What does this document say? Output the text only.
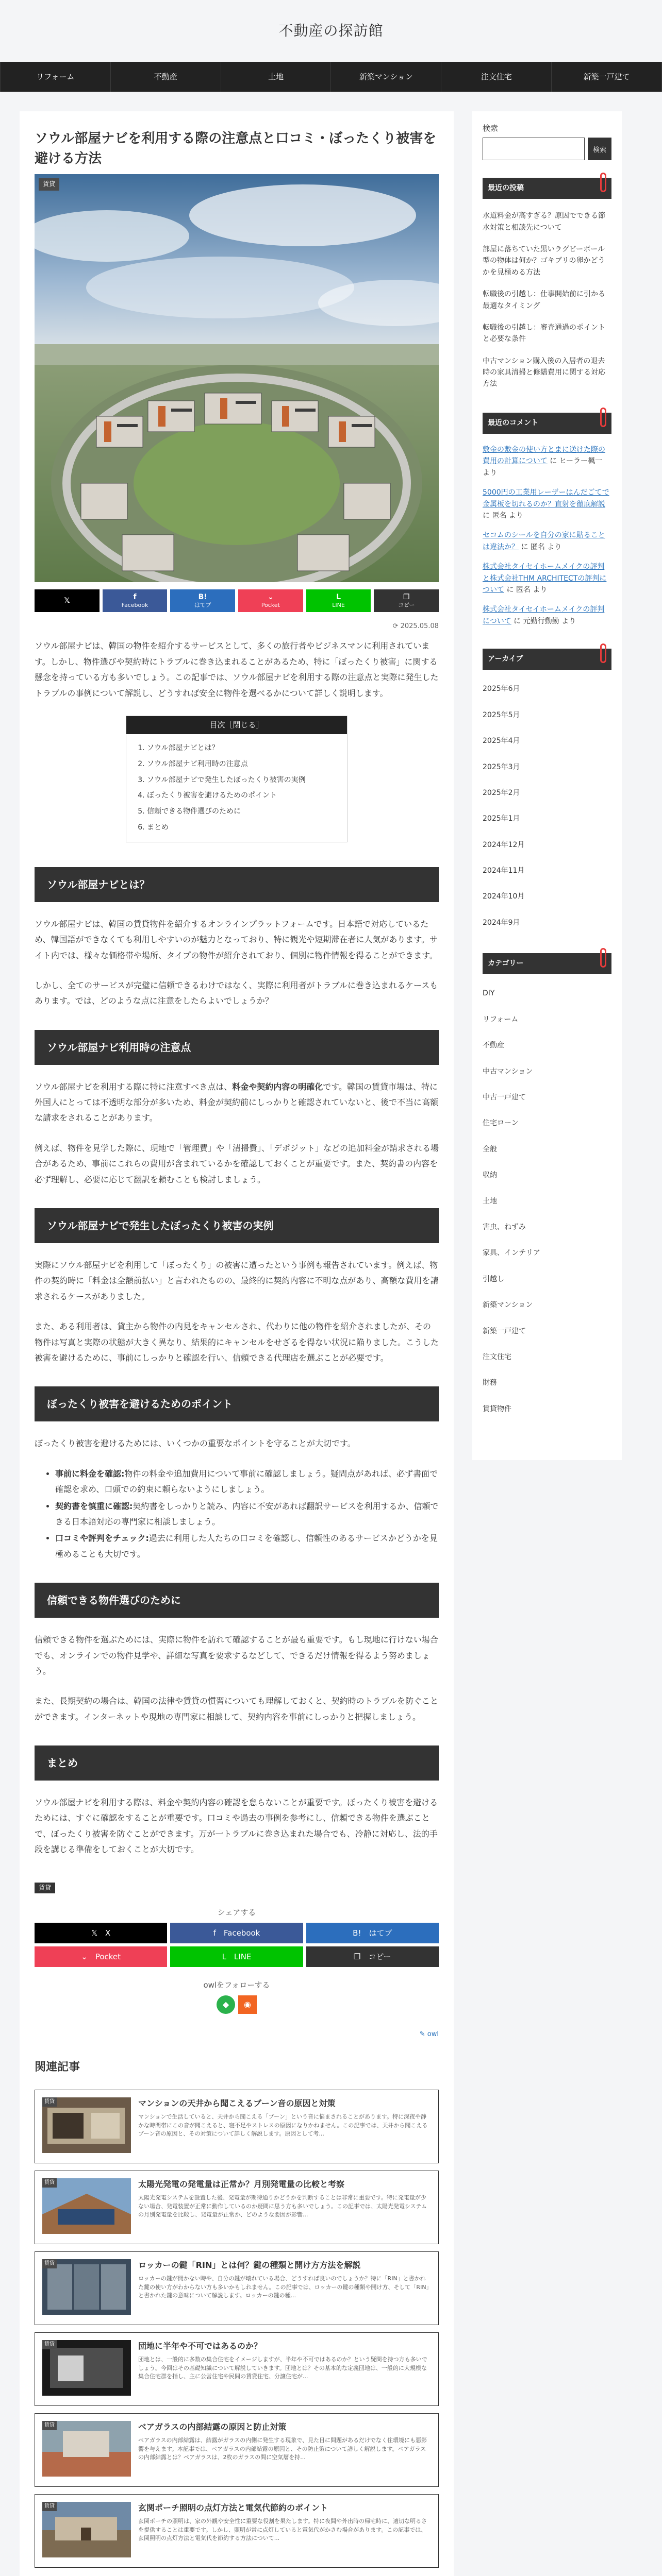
不動産の探訪館
リフォーム	不動産	土地	新築マンション	注文住宅	新築一戸建て
ソウル部屋ナビを利用する際の注意点と口コミ・ぼったくり被害を避ける方法
賃貸
𝕏	f
Facebook
B!
はてブ
⌄
Pocket
L
LINE
❐
コピー
⟳ 2025.05.08

ソウル部屋ナビは、韓国の物件を紹介するサービスとして、多くの旅行者やビジネスマンに利用されています。しかし、物件選びや契約時にトラブルに巻き込まれることがあるため、特に「ぼったくり被害」に関する懸念を持っている方も多いでしょう。この記事では、ソウル部屋ナビを利用する際の注意点と実際に発生したトラブルの事例について解説し、どうすれば安全に物件を選べるかについて詳しく説明します。

目次［閉じる］
1. ソウル部屋ナビとは？
2. ソウル部屋ナビ利用時の注意点
3. ソウル部屋ナビで発生したぼったくり被害の実例
4. ぼったくり被害を避けるためのポイント
5. 信頼できる物件選びのために
6. まとめ
ソウル部屋ナビとは？

ソウル部屋ナビは、韓国の賃貸物件を紹介するオンラインプラットフォームです。日本語で対応しているため、韓国語ができなくても利用しやすいのが魅力となっており、特に観光や短期滞在者に人気があります。サイト内では、様々な価格帯や場所、タイプの物件が紹介されており、個別に物件情報を得ることができます。

しかし、全てのサービスが完璧に信頼できるわけではなく、実際に利用者がトラブルに巻き込まれるケースもあります。では、どのような点に注意をしたらよいでしょうか？

ソウル部屋ナビ利用時の注意点

ソウル部屋ナビを利用する際に特に注意すべき点は、料金や契約内容の明確化です。韓国の賃貸市場は、特に外国人にとっては不透明な部分が多いため、料金が契約前にしっかりと確認されていないと、後で不当に高額な請求をされることがあります。

例えば、物件を見学した際に、現地で「管理費」や「清掃費」、「デポジット」などの追加料金が請求される場合があるため、事前にこれらの費用が含まれているかを確認しておくことが重要です。また、契約書の内容を必ず理解し、必要に応じて翻訳を頼むことも検討しましょう。

ソウル部屋ナビで発生したぼったくり被害の実例

実際にソウル部屋ナビを利用して「ぼったくり」の被害に遭ったという事例も報告されています。例えば、物件の契約時に「料金は全額前払い」と言われたものの、最終的に契約内容に不明な点があり、高額な費用を請求されるケースがありました。

また、ある利用者は、貸主から物件の内見をキャンセルされ、代わりに他の物件を紹介されましたが、その物件は写真と実際の状態が大きく異なり、結果的にキャンセルをせざるを得ない状況に陥りました。こうした被害を避けるために、事前にしっかりと確認を行い、信頼できる代理店を選ぶことが必要です。

ぼったくり被害を避けるためのポイント

ぼったくり被害を避けるためには、いくつかの重要なポイントを守ることが大切です。

• 事前に料金を確認:物件の料金や追加費用について事前に確認しましょう。疑問点があれば、必ず書面で確認を求め、口頭での約束に頼らないようにしましょう。
• 契約書を慎重に確認:契約書をしっかりと読み、内容に不安があれば翻訳サービスを利用するか、信頼できる日本語対応の専門家に相談しましょう。
• 口コミや評判をチェック:過去に利用した人たちの口コミを確認し、信頼性のあるサービスかどうかを見極めることも大切です。
信頼できる物件選びのために

信頼できる物件を選ぶためには、実際に物件を訪れて確認することが最も重要です。もし現地に行けない場合でも、オンラインでの物件見学や、詳細な写真を要求するなどして、できるだけ情報を得るよう努めましょう。

また、長期契約の場合は、韓国の法律や賃貸の慣習についても理解しておくと、契約時のトラブルを防ぐことができます。インターネットや現地の専門家に相談して、契約内容を事前にしっかりと把握しましょう。

まとめ

ソウル部屋ナビを利用する際は、料金や契約内容の確認を怠らないことが重要です。ぼったくり被害を避けるためには、すぐに確認をすることが重要です。口コミや過去の事例を参考にし、信頼できる物件を選ぶことで、ぼったくり被害を防ぐことができます。万が一トラブルに巻き込まれた場合でも、冷静に対応し、法的手段を講じる準備をしておくことが大切です。

賃貸
シェアする
𝕏　X	f　Facebook	B!　はてブ
⌄　Pocket	L　LINE	❐　コピー
owlをフォローする
◆	◉
✎ owl
関連記事
賃貸	マンションの天井から聞こえるブーン音の原因と対策
マンションで生活していると、天井から聞こえる「ブーン」という音に悩まされることがあります。特に深夜や静かな時間帯にこの音が聞こえると、寝不足やストレスの原因になりかねません。この記事では、天井から聞こえるブーン音の原因と、その対策について詳しく解説します。原因として考...
賃貸	太陽光発電の発電量は正常か？月別発電量の比較と考察
太陽光発電システムを設置した後、発電量が期待通りかどうかを判断することは非常に重要です。特に発電量が少ない場合、発電装置が正常に動作しているのか疑問に思う方も多いでしょう。この記事では、太陽光発電システムの月別発電量を比較し、発電量が正常か、どのような要因が影響...
賃貸	ロッカーの鍵「RIN」とは何？鍵の種類と開け方方法を解説
ロッカーの鍵が開かない時や、自分の鍵が壊れている場合、どうすれば良いのでしょうか？特に「RIN」と書かれた鍵の使い方がわからない方も多いかもしれません。この記事では、ロッカーの鍵の種類や開け方、そして「RIN」と書かれた鍵の意味について解説します。ロッカーの鍵の種...
賃貸	団地に半年や不可ではあるのか？
団地とは、一般的に多数の集合住宅をイメージしますが、半年や不可ではあるのか？という疑問を持つ方も多いでしょう。今回はその基礎知識について解説していきます。団地とは？その基本的な定義団地は、一般的に大規模な集合住宅群を指し、主に公営住宅や民間の賃貸住宅、分譲住宅が...
賃貸	ベアガラスの内部結露の原因と防止対策
ペアガラスの内部結露は、結露がガラスの内側に発生する現象で、見た目に問題があるだけでなく住環境にも悪影響を与えます。本記事では、ペアガラスの内部結露の原因と、その防止策について詳しく解説します。ペアガラスの内部結露とは？ペアガラスは、2枚のガラスの間に空気層を持...
賃貸	玄関ポーチ照明の点灯方法と電気代節約のポイント
玄関ポーチの照明は、家の外観や安全性に重要な役割を果たします。特に夜間や外出時の帰宅時に、適切な明るさを提供することは重要です。しかし、照明が常に点灯していると電気代がかさむ場合があります。この記事では、玄関照明の点灯方法と電気代を節約する方法について...
検索
検索
最近の投稿
水道料金が高すぎる？原因でできる節水対策と相談先について
部屋に落ちていた黒いラグビーボール型の物体は何か？ゴキブリの卵かどうかを見極める方法
転職後の引越し：仕事開始前に引かる最適なタイミング
転職後の引越し：審査通過のポイントと必要な条件
中古マンション購入後の入居者の退去時の家具清掃と修繕費用に関する対応方法
最近のコメント
敷金の敷金の使い方とまに送けた際の費用の計算について に ヒーラー楓一 より
5000円の工業用レーザーはんだごてで金属板を切れるのか？直射を徹底解説 に 匿名 より
セコムのシールを自分の家に貼ることは違法か？ に 匿名 より
株式会社タイセイホームメイクの評判と株式会社THM ARCHITECTの評判について に 匿名 より
株式会社タイセイホームメイクの評判について に 元勤行動勤 より
アーカイブ
2025年6月
2025年5月
2025年4月
2025年3月
2025年2月
2025年1月
2024年12月
2024年11月
2024年10月
2024年9月
カテゴリー
DIY
リフォーム
不動産
中古マンション
中古一戸建て
住宅ローン
全般
収納
土地
害虫、ねずみ
家具、インテリア
引越し
新築マンション
新築一戸建て
注文住宅
財務
賃貸物件
